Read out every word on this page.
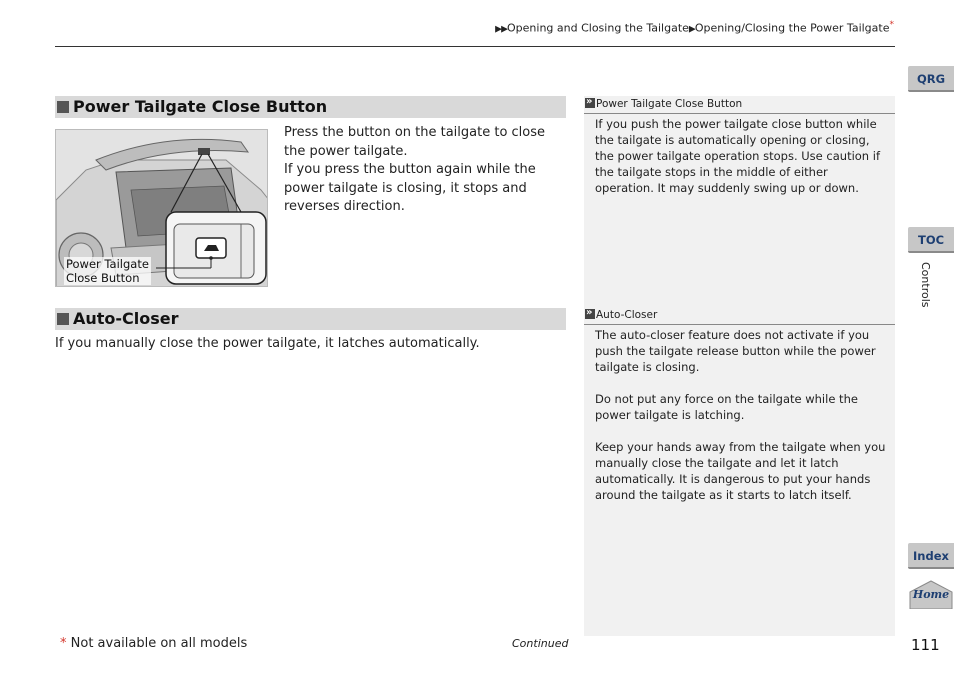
▶▶Opening and Closing the Tailgate▶Opening/Closing the Power Tailgate*
Power Tailgate Close Button
Power Tailgate
Close Button
Press the button on the tailgate to close the power tailgate.
If you press the button again while the power tailgate is closing, it stops and reverses direction.
Auto-Closer
If you manually close the power tailgate, it latches automatically.
»
Power Tailgate Close Button
If you push the power tailgate close button while the tailgate is automatically opening or closing, the power tailgate operation stops. Use caution if the tailgate stops in the middle of either operation. It may suddenly swing up or down.
»
Auto-Closer

The auto-closer feature does not activate if you push the tailgate release button while the power tailgate is closing.

Do not put any force on the tailgate while the power tailgate is latching.

Keep your hands away from the tailgate when you manually close the tailgate and let it latch automatically. It is dangerous to put your hands around the tailgate as it starts to latch itself.

* Not available on all models	Continued	111
QRG
TOC
Controls
Index
Home
